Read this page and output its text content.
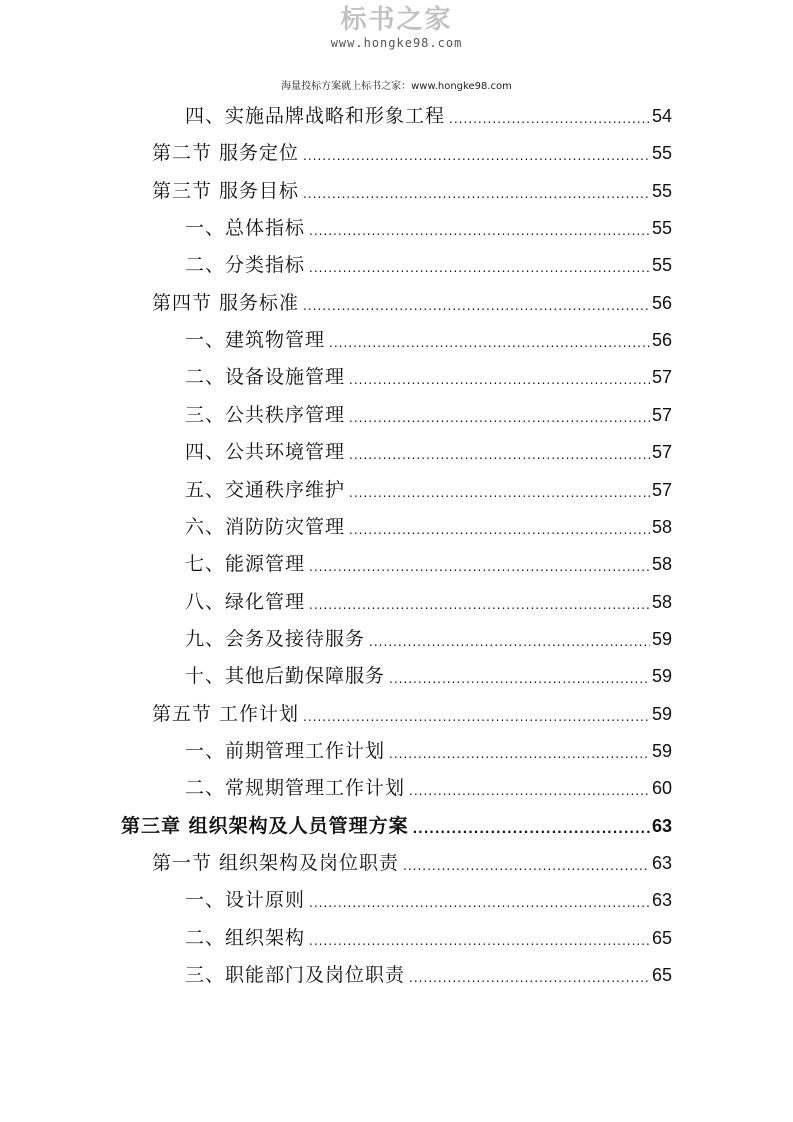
标书之家
www.hongke98.com
海量投标方案就上标书之家：www.hongke98.com
四、实施品牌战略和形象工程 .....	54
第二节 服务定位 .....	55
第三节 服务目标 .....	55
一、总体指标 .....	55
二、分类指标 .....	55
第四节 服务标准 .....	56
一、建筑物管理 .....	56
二、设备设施管理 .....	57
三、公共秩序管理 .....	57
四、公共环境管理 .....	57
五、交通秩序维护 .....	57
六、消防防灾管理 .....	58
七、能源管理 .....	58
八、绿化管理 .....	58
九、会务及接待服务 .....	59
十、其他后勤保障服务 .....	59
第五节 工作计划 .....	59
一、前期管理工作计划 .....	59
二、常规期管理工作计划 .....	60
第三章 组织架构及人员管理方案 .....	63
第一节 组织架构及岗位职责 .....	63
一、设计原则 .....	63
二、组织架构 .....	65
三、职能部门及岗位职责 .....	65
